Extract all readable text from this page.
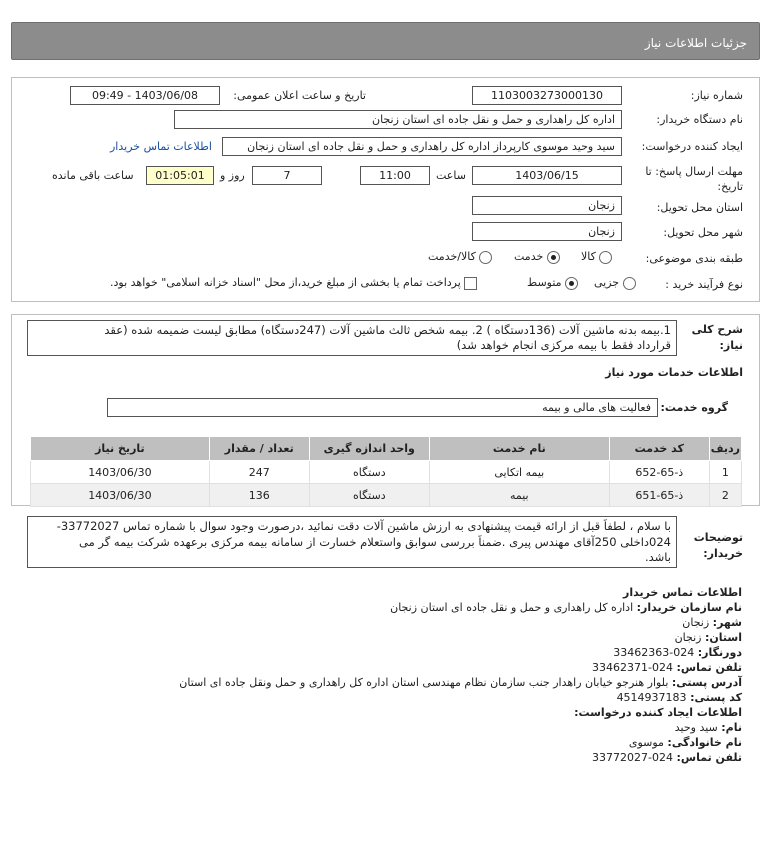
جزئیات اطلاعات نیاز
شماره نیاز:
1103003273000130
تاریخ و ساعت اعلان عمومی:
1403/06/08 - 09:49
نام دستگاه خریدار:
اداره کل راهداری و حمل و نقل جاده ای استان زنجان
ایجاد کننده درخواست:
سید وحید موسوی کارپرداز اداره کل راهداری و حمل و نقل جاده ای استان زنجان
اطلاعات تماس خریدار
مهلت ارسال پاسخ: تا
تاریخ:
1403/06/15
ساعت
11:00
7
روز و
01:05:01
ساعت باقی مانده
استان محل تحویل:
زنجان
شهر محل تحویل:
زنجان
طبقه بندی موضوعی:
کالا
خدمت
کالا/خدمت
نوع فرآیند خرید :
جزیی
متوسط
پرداخت تمام یا بخشی از مبلغ خرید،از محل "اسناد خزانه اسلامی" خواهد بود.
شرح کلی
نیاز:
1.بیمه بدنه ماشین آلات (136دستگاه ) 2. بیمه شخص ثالث ماشین آلات (247دستگاه) مطابق لیست ضمیمه شده (عقد
قرارداد فقط با بیمه مرکزی انجام خواهد شد)
اطلاعات خدمات مورد نیاز
گروه خدمت:
فعالیت های مالی و بیمه
ردیف	کد خدمت	نام خدمت	واحد اندازه گیری	تعداد / مقدار	تاریخ نیاز
1	ذ-65-652	بیمه اتکایی	دستگاه	247	1403/06/30
2	ذ-65-651	بیمه	دستگاه	136	1403/06/30
توضیحات
خریدار:
با سلام ، لطفاً قبل از ارائه قیمت پیشنهادی به ارزش ماشین آلات دقت نمائید ،درصورت وجود سوال با شماره تماس 33772027-
024داخلی 250آقای مهندس پیری .ضمناً بررسی سوابق واستعلام خسارت از سامانه بیمه مرکزی برعهده شرکت بیمه گر می
باشد.
اطلاعات تماس خریدار
نام سازمان خریدار: اداره کل راهداری و حمل و نقل جاده ای استان زنجان
شهر: زنجان
استان: زنجان
دورنگار: 024-33462363
تلفن تماس: 024-33462371
آدرس پستی: بلوار هنرجو خیابان راهدار جنب سازمان نظام مهندسی استان اداره کل راهداری و حمل ونقل جاده ای استان
کد پستی: 4514937183
اطلاعات ایجاد کننده درخواست:
نام: سید وحید
نام خانوادگی: موسوی
تلفن تماس: 024-33772027
